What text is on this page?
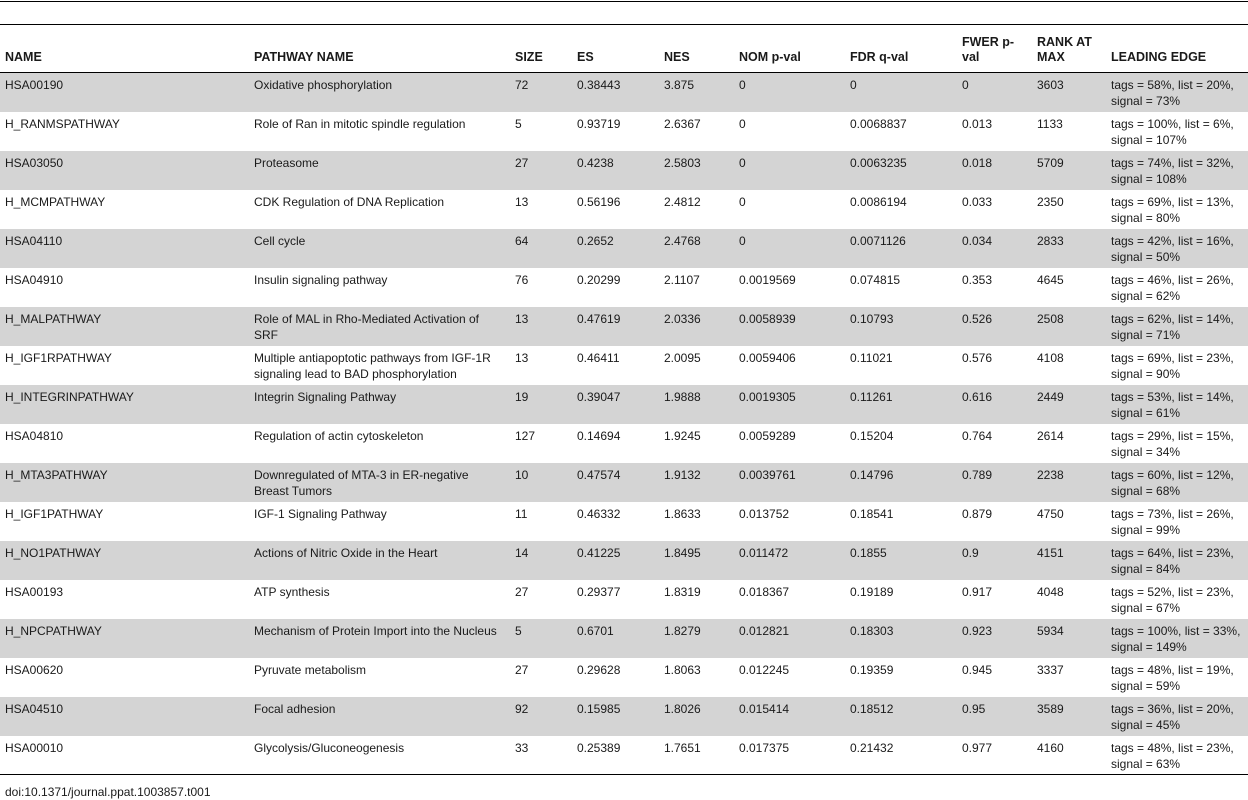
NAME	PATHWAY NAME	SIZE	ES	NES	NOM p-val	FDR q-val	FWER p-val	RANK AT MAX	LEADING EDGE
HSA00190	Oxidative phosphorylation	72	0.38443	3.875	0	0	0	3603	tags = 58%, list = 20%, signal = 73%
H_RANMSPATHWAY	Role of Ran in mitotic spindle regulation	5	0.93719	2.6367	0	0.0068837	0.013	1133	tags = 100%, list = 6%, signal = 107%
HSA03050	Proteasome	27	0.4238	2.5803	0	0.0063235	0.018	5709	tags = 74%, list = 32%, signal = 108%
H_MCMPATHWAY	CDK Regulation of DNA Replication	13	0.56196	2.4812	0	0.0086194	0.033	2350	tags = 69%, list = 13%, signal = 80%
HSA04110	Cell cycle	64	0.2652	2.4768	0	0.0071126	0.034	2833	tags = 42%, list = 16%, signal = 50%
HSA04910	Insulin signaling pathway	76	0.20299	2.1107	0.0019569	0.074815	0.353	4645	tags = 46%, list = 26%, signal = 62%
H_MALPATHWAY	Role of MAL in Rho-Mediated Activation of SRF	13	0.47619	2.0336	0.0058939	0.10793	0.526	2508	tags = 62%, list = 14%, signal = 71%
H_IGF1RPATHWAY	Multiple antiapoptotic pathways from IGF-1R signaling lead to BAD phosphorylation	13	0.46411	2.0095	0.0059406	0.11021	0.576	4108	tags = 69%, list = 23%, signal = 90%
H_INTEGRINPATHWAY	Integrin Signaling Pathway	19	0.39047	1.9888	0.0019305	0.11261	0.616	2449	tags = 53%, list = 14%, signal = 61%
HSA04810	Regulation of actin cytoskeleton	127	0.14694	1.9245	0.0059289	0.15204	0.764	2614	tags = 29%, list = 15%, signal = 34%
H_MTA3PATHWAY	Downregulated of MTA-3 in ER-negative Breast Tumors	10	0.47574	1.9132	0.0039761	0.14796	0.789	2238	tags = 60%, list = 12%, signal = 68%
H_IGF1PATHWAY	IGF-1 Signaling Pathway	11	0.46332	1.8633	0.013752	0.18541	0.879	4750	tags = 73%, list = 26%, signal = 99%
H_NO1PATHWAY	Actions of Nitric Oxide in the Heart	14	0.41225	1.8495	0.011472	0.1855	0.9	4151	tags = 64%, list = 23%, signal = 84%
HSA00193	ATP synthesis	27	0.29377	1.8319	0.018367	0.19189	0.917	4048	tags = 52%, list = 23%, signal = 67%
H_NPCPATHWAY	Mechanism of Protein Import into the Nucleus	5	0.6701	1.8279	0.012821	0.18303	0.923	5934	tags = 100%, list = 33%, signal = 149%
HSA00620	Pyruvate metabolism	27	0.29628	1.8063	0.012245	0.19359	0.945	3337	tags = 48%, list = 19%, signal = 59%
HSA04510	Focal adhesion	92	0.15985	1.8026	0.015414	0.18512	0.95	3589	tags = 36%, list = 20%, signal = 45%
HSA00010	Glycolysis/Gluconeogenesis	33	0.25389	1.7651	0.017375	0.21432	0.977	4160	tags = 48%, list = 23%, signal = 63%
doi:10.1371/journal.ppat.1003857.t001
